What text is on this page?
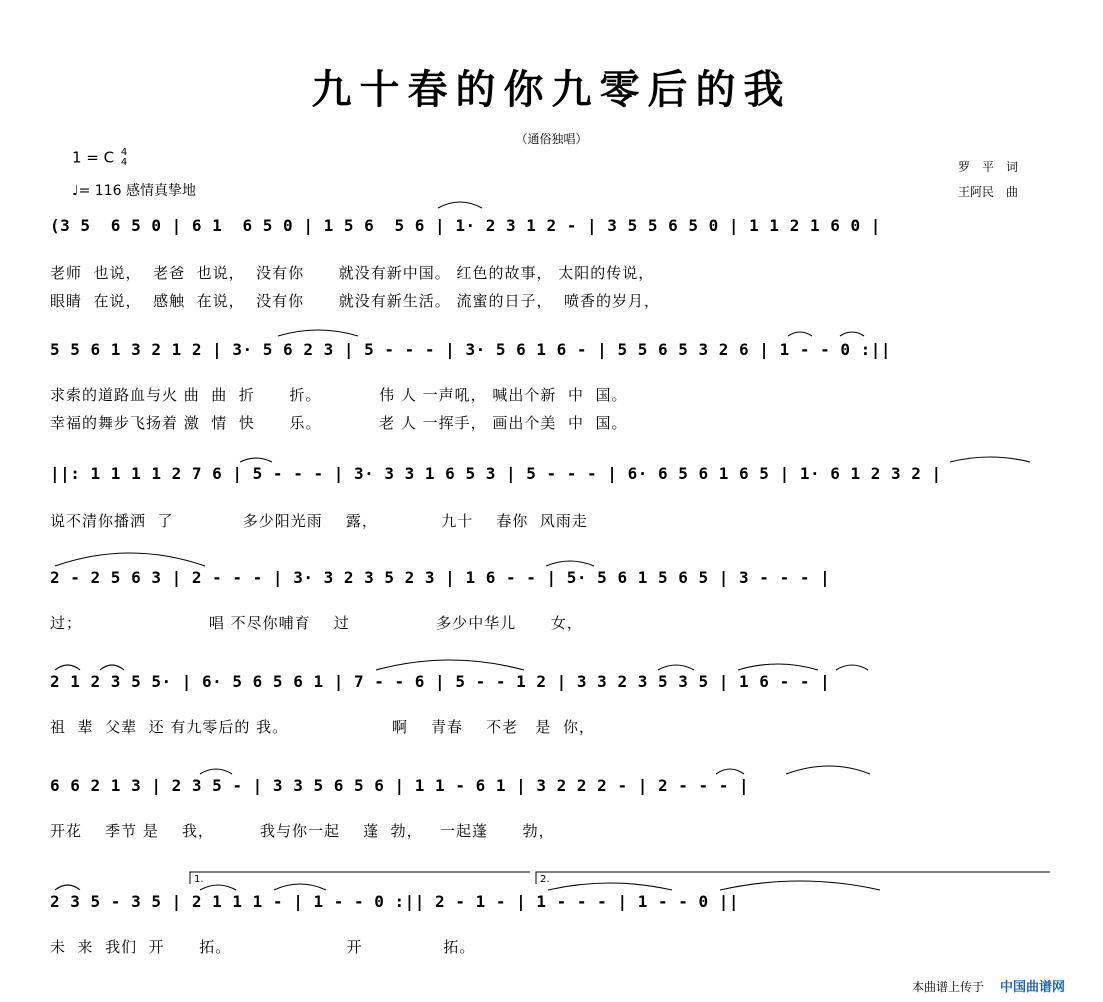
九十春的你九零后的我
（通俗独唱）
1 = C 4
4
♩= 116 感情真挚地
罗　平　词
王阿民　曲
(3 5  6 5 0 | 6 1  6 5 0 | 1 5 6  5 6 | 1· 2 3 1 2 - | 3 5 5 6 5 0 | 1 1 2 1 6 0 |
老师  也说，  老爸  也说，  没有你      就没有新中国。 红色的故事， 太阳的传说，
眼睛  在说，  感触  在说，  没有你      就没有新生活。 流蜜的日子，  喷香的岁月，
5 5 6 1 3 2 1 2 | 3· 5 6 2 3 | 5 - - - | 3· 5 6 1 6 - | 5 5 6 5 3 2 6 | 1 - - 0 :||
求索的道路血与火 曲  曲  折      折。          伟 人 一声吼， 喊出个新  中  国。
幸福的舞步飞扬着 激  情  快      乐。          老 人 一挥手， 画出个美  中  国。
||: 1 1 1 1 2 7 6 | 5 - - - | 3· 3 3 1 6 5 3 | 5 - - - | 6· 6 5 6 1 6 5 | 1· 6 1 2 3 2 |
说不清你播洒  了            多少阳光雨    露，           九十    春你  风雨走
2 - 2 5 6 3 | 2 - - - | 3· 3 2 3 5 2 3 | 1 6 - - | 5· 5 6 1 5 6 5 | 3 - - - |
过；                      唱 不尽你哺育    过               多少中华儿      女，
2 1 2 3 5 5· | 6· 5 6 5 6 1 | 7 - - 6 | 5 - - 1 2 | 3 3 2 3 5 3 5 | 1 6 - - |
祖  辈  父辈  还 有九零后的 我。                  啊    青春    不老   是  你，
6 6 2 1 3 | 2 3 5 - | 3 3 5 6 5 6 | 1 1 - 6 1 | 3 2 2 2 - | 2 - - - |
开花    季节 是    我，        我与你一起    蓬  勃，   一起蓬      勃，
2 3 5 - 3 5 | 2 1 1 1 - | 1 - - 0 :|| 2 - 1 - | 1 - - - | 1 - - 0 ||
未  来  我们  开      拓。                    开              拓。
1.	2.
本曲谱上传于 中国曲谱网
